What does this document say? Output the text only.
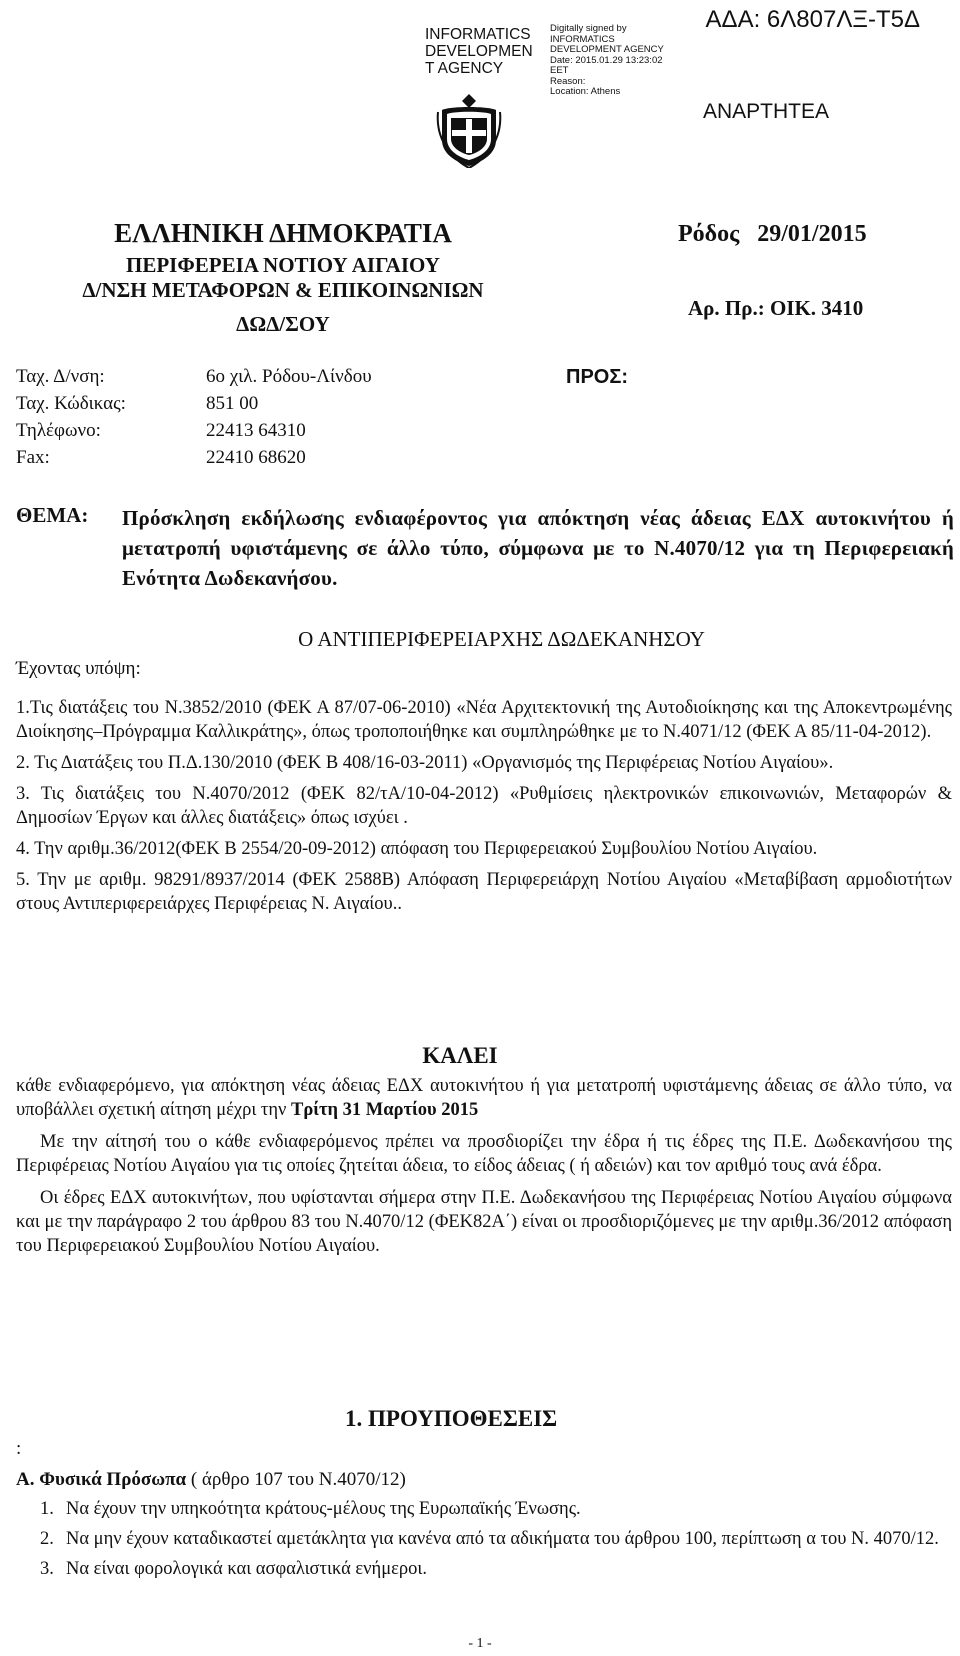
INFORMATICS DEVELOPMEN T AGENCY
Digitally signed by
INFORMATICS
DEVELOPMENT AGENCY
Date: 2015.01.29 13:23:02
EET
Reason:
Location: Athens
ΑΔΑ: 6Λ807ΛΞ-Τ5Δ
ΑΝΑΡΤΗΤΕΑ
ΕΛΛΗΝΙΚΗ ΔΗΜΟΚΡΑΤΙΑ
ΠΕΡΙΦΕΡΕΙΑ ΝΟΤΙΟΥ ΑΙΓΑΙΟΥ
Δ/ΝΣΗ ΜΕΤΑΦΟΡΩΝ & ΕΠΙΚΟΙΝΩΝΙΩΝ
ΔΩΔ/ΣΟΥ
Ρόδος   29/01/2015
Αρ. Πρ.: ΟΙΚ. 3410
Ταχ. Δ/νση:	6ο χιλ. Ρόδου-Λίνδου
Ταχ. Κώδικας:	851 00
Τηλέφωνο:	22413 64310
Fax:	22410 68620
ΠΡΟΣ:
ΘΕΜΑ: Πρόσκληση εκδήλωσης ενδιαφέροντος για απόκτηση νέας άδειας ΕΔΧ αυτοκινήτου ή μετατροπή υφιστάμενης σε άλλο τύπο, σύμφωνα με το Ν.4070/12 για τη Περιφερειακή Ενότητα Δωδεκανήσου.
Ο ΑΝΤΙΠΕΡΙΦΕΡΕΙΑΡΧΗΣ ΔΩΔΕΚΑΝΗΣΟΥ
Έχοντας υπόψη:

1.Τις διατάξεις του Ν.3852/2010 (ΦΕΚ Α 87/07-06-2010) «Νέα Αρχιτεκτονική της Αυτοδιοίκησης και της Αποκεντρωμένης Διοίκησης–Πρόγραμμα Καλλικράτης», όπως τροποποιήθηκε και συμπληρώθηκε με το Ν.4071/12 (ΦΕΚ Α 85/11-04-2012).

2. Τις Διατάξεις του Π.Δ.130/2010 (ΦΕΚ Β 408/16-03-2011) «Οργανισμός της Περιφέρειας Νοτίου Αιγαίου».

3. Τις διατάξεις του Ν.4070/2012 (ΦΕΚ 82/τΑ/10-04-2012) «Ρυθμίσεις ηλεκτρονικών επικοινωνιών, Μεταφορών & Δημοσίων Έργων και άλλες διατάξεις» όπως ισχύει .

4. Την αριθμ.36/2012(ΦΕΚ Β 2554/20-09-2012) απόφαση του Περιφερειακού Συμβουλίου Νοτίου Αιγαίου.

5. Την με αριθμ. 98291/8937/2014 (ΦΕΚ 2588Β) Απόφαση Περιφερειάρχη Νοτίου Αιγαίου «Μεταβίβαση αρμοδιοτήτων στους Αντιπεριφερειάρχες Περιφέρειας Ν. Αιγαίου..

ΚΑΛΕΙ

κάθε ενδιαφερόμενο, για απόκτηση νέας άδειας ΕΔΧ αυτοκινήτου ή για μετατροπή υφιστάμενης άδειας σε άλλο τύπο, να υποβάλλει σχετική αίτηση μέχρι την Τρίτη 31 Μαρτίου 2015

Με την αίτησή του ο κάθε ενδιαφερόμενος πρέπει να προσδιορίζει την έδρα ή τις έδρες της Π.Ε. Δωδεκανήσου της Περιφέρειας Νοτίου Αιγαίου για τις οποίες ζητείται άδεια, το είδος άδειας ( ή αδειών) και τον αριθμό τους ανά έδρα.

Οι έδρες ΕΔΧ αυτοκινήτων, που υφίστανται σήμερα στην Π.Ε. Δωδεκανήσου της Περιφέρειας Νοτίου Αιγαίου σύμφωνα και με την παράγραφο 2 του άρθρου 83 του Ν.4070/12 (ΦΕΚ82Α΄) είναι οι προσδιοριζόμενες με την αριθμ.36/2012 απόφαση του Περιφερειακού Συμβουλίου Νοτίου Αιγαίου.

1. ΠΡΟΥΠΟΘΕΣΕΙΣ
:
Α. Φυσικά Πρόσωπα ( άρθρο 107 του Ν.4070/12)
1. Να έχουν την υπηκοότητα κράτους-μέλους της Ευρωπαϊκής Ένωσης.
2. Να μην έχουν καταδικαστεί αμετάκλητα για κανένα από τα αδικήματα του άρθρου 100, περίπτωση α του Ν. 4070/12.
3. Να είναι φορολογικά και ασφαλιστικά ενήμεροι.
- 1 -
